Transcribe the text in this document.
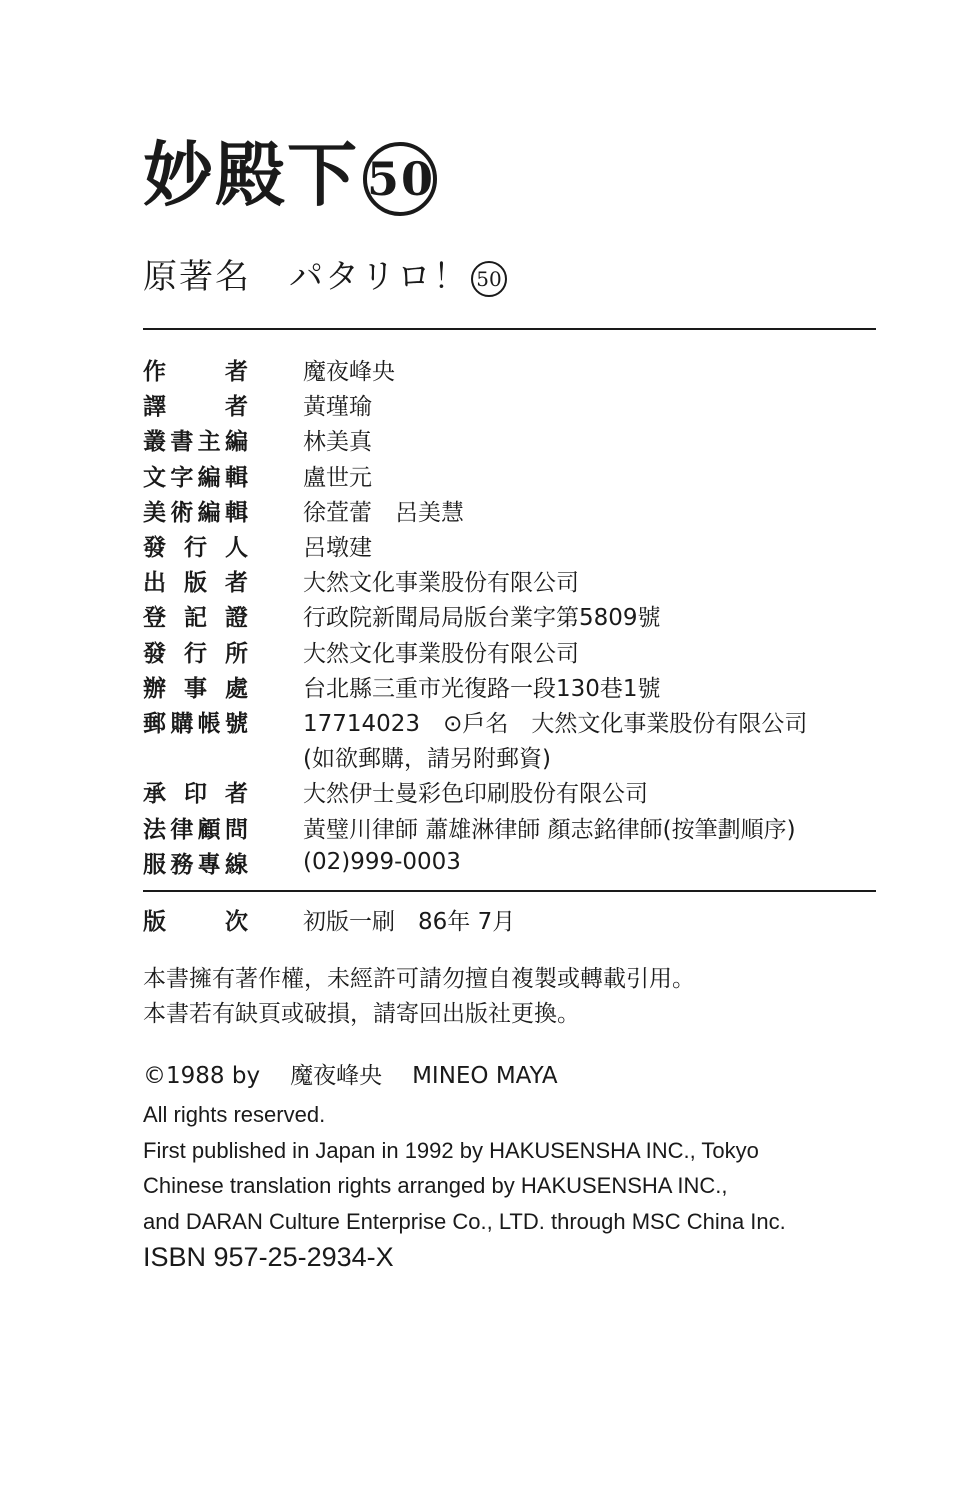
妙殿下 50
原著名 パタリロ！ 50
作	者 魔夜峰央
譯	者 黃瑾瑜
叢 書 主 編 林美真
文 字 編 輯 盧世元
美 術 編 輯 徐萓蕾　呂美慧
發 行 人 呂墩建
出 版 者 大然文化事業股份有限公司
登 記 證 行政院新聞局局版台業字第5809號
發 行 所 大然文化事業股份有限公司
辦 事 處 台北縣三重市光復路一段130巷1號
郵 購 帳 號 17714023　⊙戶名　大然文化事業股份有限公司
(如欲郵購，請另附郵資)
承 印 者 大然伊士曼彩色印刷股份有限公司
法 律 顧 問 黃璧川律師 蕭雄淋律師 顏志銘律師(按筆劃順序)
服 務 專 線 (02)999-0003
版	次 初版一刷　86年 7月
本書擁有著作權，未經許可請勿擅自複製或轉載引用。
本書若有缺頁或破損，請寄回出版社更換。
©1988 by 魔夜峰央 MINEO MAYA
All rights reserved.
First published in Japan in 1992 by HAKUSENSHA INC., Tokyo
Chinese translation rights arranged by HAKUSENSHA INC.,
and DARAN Culture Enterprise Co., LTD. through MSC China Inc.
ISBN 957-25-2934-X
